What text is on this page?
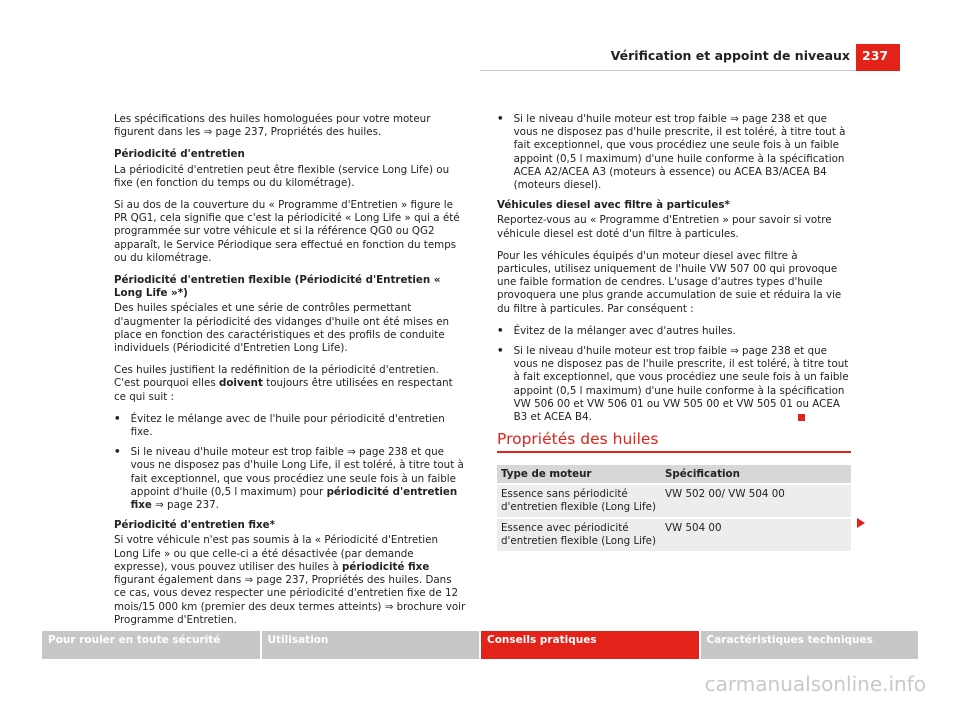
Vérification et appoint de niveaux 237

Les spécifications des huiles homologuées pour votre moteur figurent dans les ⇒ page 237, Propriétés des huiles.

Périodicité d'entretien

La périodicité d'entretien peut être flexible (service Long Life) ou fixe (en fonction du temps ou du kilométrage).

Si au dos de la couverture du « Programme d'Entretien » figure le PR QG1, cela signifie que c'est la périodicité « Long Life » qui a été programmée sur votre véhicule et si la référence QG0 ou QG2 apparaît, le Service Périodique sera effectué en fonction du temps ou du kilométrage.

Périodicité d'entretien flexible (Périodicité d'Entretien « Long Life »*)

Des huiles spéciales et une série de contrôles permettant d'augmenter la périodicité des vidanges d'huile ont été mises en place en fonction des caractéristiques et des profils de conduite individuels (Périodicité d'Entretien Long Life).

Ces huiles justifient la redéfinition de la périodicité d'entretien. C'est pourquoi elles doivent toujours être utilisées en respectant ce qui suit :

• Évitez le mélange avec de l'huile pour périodicité d'entretien fixe.
• Si le niveau d'huile moteur est trop faible ⇒ page 238 et que vous ne disposez pas d'huile Long Life, il est toléré, à titre tout à fait exceptionnel, que vous procédiez une seule fois à un faible appoint d'huile (0,5 l maximum) pour périodicité d'entretien fixe ⇒ page 237.

Périodicité d'entretien fixe*

Si votre véhicule n'est pas soumis à la « Périodicité d'Entretien Long Life » ou que celle-ci a été désactivée (par demande expresse), vous pouvez utiliser des huiles à périodicité fixe figurant également dans ⇒ page 237, Propriétés des huiles. Dans ce cas, vous devez respecter une périodicité d'entretien fixe de 12 mois/15 000 km (premier des deux termes atteints) ⇒ brochure voir Programme d'Entretien.

• Si le niveau d'huile moteur est trop faible ⇒ page 238 et que vous ne disposez pas d'huile prescrite, il est toléré, à titre tout à fait exceptionnel, que vous procédiez une seule fois à un faible appoint (0,5 l maximum) d'une huile conforme à la spécification ACEA A2/ACEA A3 (moteurs à essence) ou ACEA B3/ACEA B4 (moteurs diesel).

Véhicules diesel avec filtre à particules*

Reportez-vous au « Programme d'Entretien » pour savoir si votre véhicule diesel est doté d'un filtre à particules.

Pour les véhicules équipés d'un moteur diesel avec filtre à particules, utilisez uniquement de l'huile VW 507 00 qui provoque une faible formation de cendres. L'usage d'autres types d'huile provoquera une plus grande accumulation de suie et réduira la vie du filtre à particules. Par conséquent :

• Évitez de la mélanger avec d'autres huiles.
• Si le niveau d'huile moteur est trop faible ⇒ page 238 et que vous ne disposez pas de l'huile prescrite, il est toléré, à titre tout à fait exceptionnel, que vous procédiez une seule fois à un faible appoint (0,5 l maximum) d'une huile conforme à la spécification VW 506 00 et VW 506 01 ou VW 505 00 et VW 505 01 ou ACEA B3 et ACEA B4.
Propriétés des huiles
Type de moteur	Spécification
Essence sans périodicité d'entretien flexible (Long Life)	VW 502 00/ VW 504 00
Essence avec périodicité d'entretien flexible (Long Life)	VW 504 00
Pour rouler en toute sécurité	Utilisation	Conseils pratiques	Caractéristiques techniques
carmanualsonline.info
